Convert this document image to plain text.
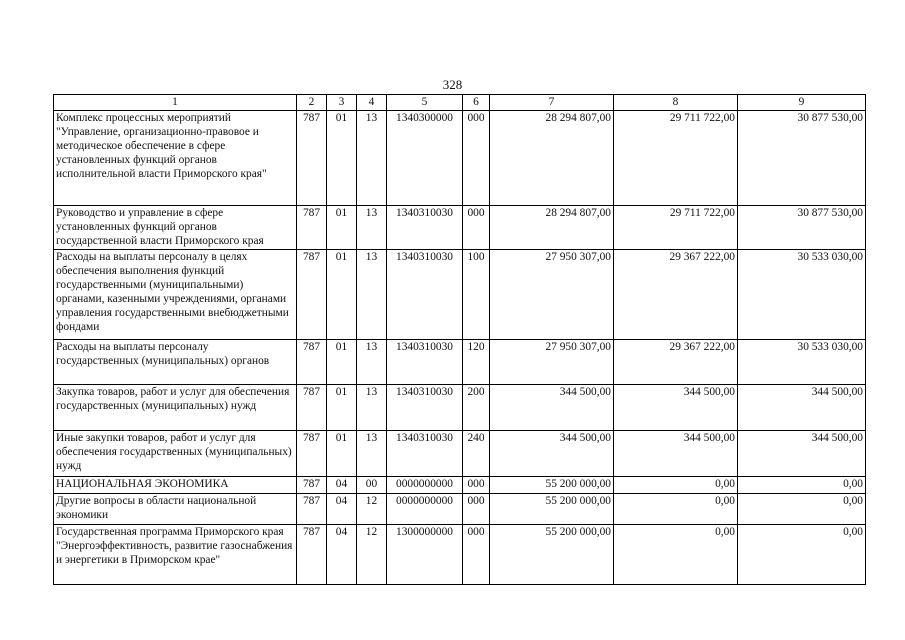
328
1	2	3	4	5	6	7	8	9
Комплекс процессных мероприятий "Управление, организационно-правовое и методическое обеспечение в сфере установленных функций органов исполнительной власти Приморского края"	787	01	13	1340300000	000	28 294 807,00	29 711 722,00	30 877 530,00
Руководство и управление в сфере установленных функций органов государственной власти Приморского края	787	01	13	1340310030	000	28 294 807,00	29 711 722,00	30 877 530,00
Расходы на выплаты персоналу в целях обеспечения выполнения функций государственными (муниципальными) органами, казенными учреждениями, органами управления государственными внебюджетными фондами	787	01	13	1340310030	100	27 950 307,00	29 367 222,00	30 533 030,00
Расходы на выплаты персоналу государственных (муниципальных) органов	787	01	13	1340310030	120	27 950 307,00	29 367 222,00	30 533 030,00
Закупка товаров, работ и услуг для обеспечения государственных (муниципальных) нужд	787	01	13	1340310030	200	344 500,00	344 500,00	344 500,00
Иные закупки товаров, работ и услуг для обеспечения государственных (муниципальных) нужд	787	01	13	1340310030	240	344 500,00	344 500,00	344 500,00
НАЦИОНАЛЬНАЯ ЭКОНОМИКА	787	04	00	0000000000	000	55 200 000,00	0,00	0,00
Другие вопросы в области национальной экономики	787	04	12	0000000000	000	55 200 000,00	0,00	0,00
Государственная программа Приморского края "Энергоэффективность, развитие газоснабжения и энергетики в Приморском крае"	787	04	12	1300000000	000	55 200 000,00	0,00	0,00
